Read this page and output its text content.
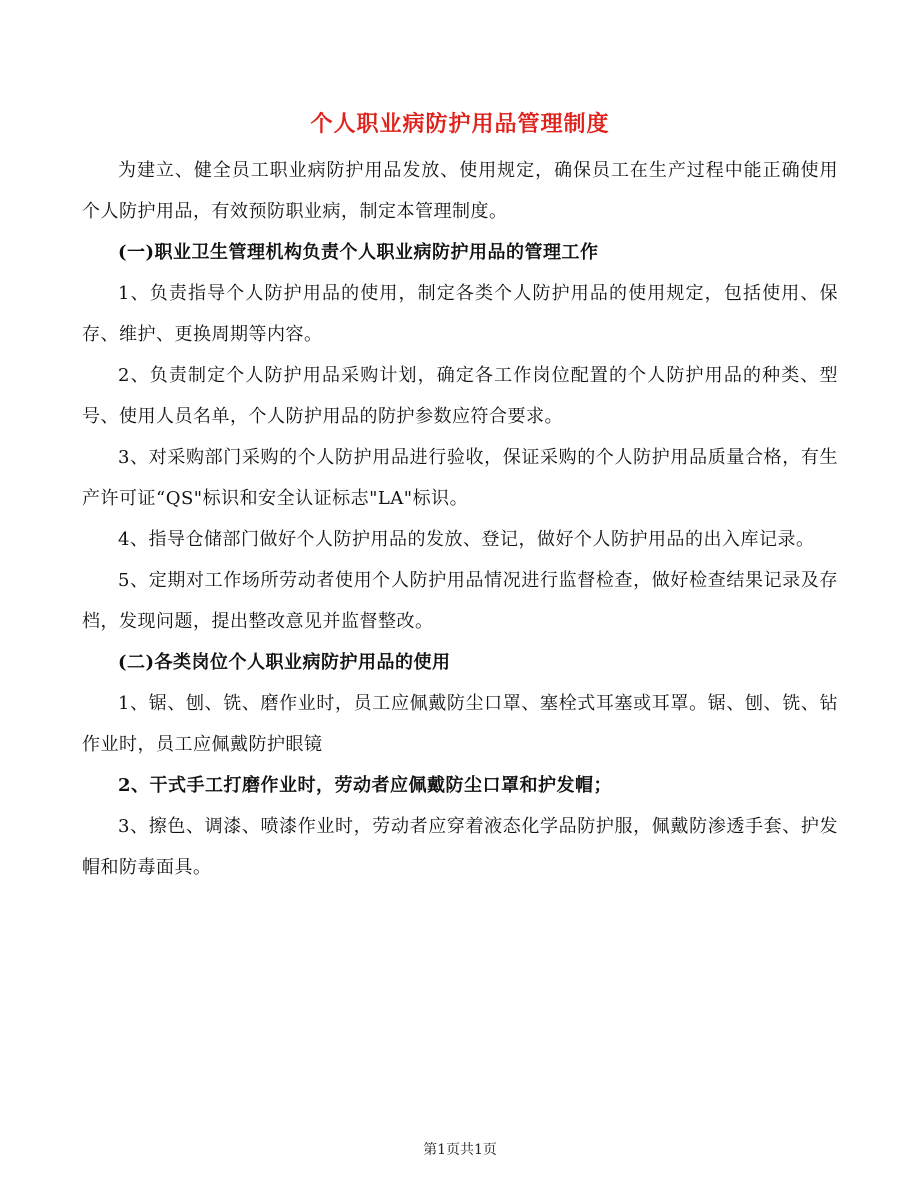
个人职业病防护用品管理制度

为建立、健全员工职业病防护用品发放、使用规定，确保员工在生产过程中能正确使用个人防护用品，有效预防职业病，制定本管理制度。

(一)职业卫生管理机构负责个人职业病防护用品的管理工作

1、负责指导个人防护用品的使用，制定各类个人防护用品的使用规定，包括使用、保存、维护、更换周期等内容。

2、负责制定个人防护用品采购计划，确定各工作岗位配置的个人防护用品的种类、型号、使用人员名单，个人防护用品的防护参数应符合要求。

3、对采购部门采购的个人防护用品进行验收，保证采购的个人防护用品质量合格，有生产许可证“QS"标识和安全认证标志"LA"标识。

4、指导仓储部门做好个人防护用品的发放、登记，做好个人防护用品的出入库记录。

5、定期对工作场所劳动者使用个人防护用品情况进行监督检查，做好检查结果记录及存档，发现问题，提出整改意见并监督整改。

(二)各类岗位个人职业病防护用品的使用

1、锯、刨、铣、磨作业时，员工应佩戴防尘口罩、塞栓式耳塞或耳罩。锯、刨、铣、钻作业时，员工应佩戴防护眼镜

2、干式手工打磨作业时，劳动者应佩戴防尘口罩和护发帽；

3、擦色、调漆、喷漆作业时，劳动者应穿着液态化学品防护服，佩戴防渗透手套、护发帽和防毒面具。

第1页共1页
